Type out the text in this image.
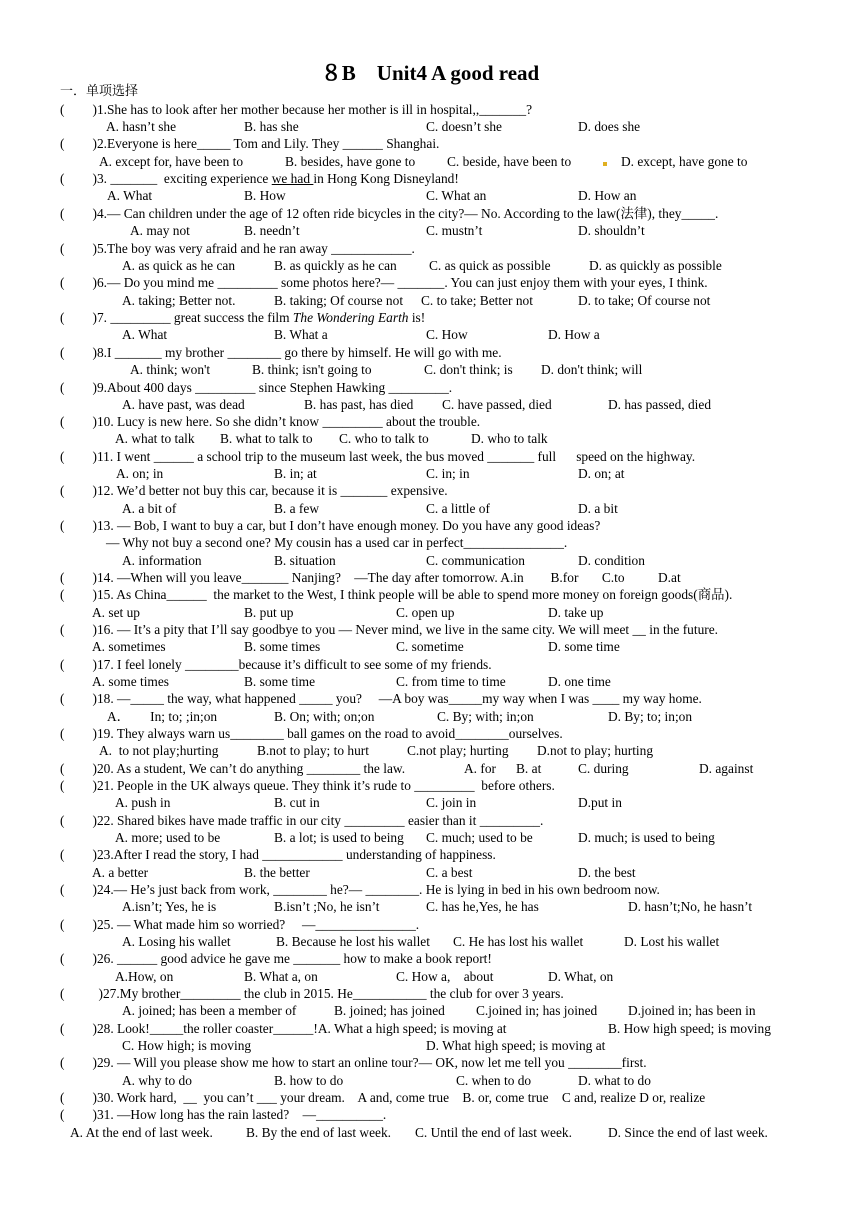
８B　Unit4 A good read
一．单项选择
( )1.She has to look after her mother because her mother is ill in hospital,,_______?
A. hasn’t she	B. has she	C. doesn’t she	D. does she
( )2.Everyone is here_____ Tom and Lily. They ______ Shanghai.
A. except for, have been to	B. besides, have gone to C. beside, have been to	D. except, have gone to
( )3. _______  exciting experience we had in Hong Kong Disneyland!
A. What	B. How	C. What an	D. How an
( )4.— Can children under the age of 12 often ride bicycles in the city?— No. According to the law(法律), they_____.
A. may not	B. needn’t	C. mustn’t	D. shouldn’t
( )5.The boy was very afraid and he ran away ____________.
A. as quick as he can	B. as quickly as he can C. as quick as possible	D. as quickly as possible
( )6.— Do you mind me _________ some photos here?— _______. You can just enjoy them with your eyes, I think.
A. taking; Better not.	B. taking; Of course not C. to take; Better not	D. to take; Of course not
( )7. _________ great success the film The Wondering Earth is!
A. What	B. What a	C. How	D. How a
( )8.I _______ my brother ________ go there by himself. He will go with me.
A. think; won't	B. think; isn't going to	C. don't think; is D. don't think; will
( )9.About 400 days _________ since Stephen Hawking _________.
A. have past, was dead	B. has past, has died C. have passed, died	D. has passed, died
( )10. Lucy is new here. So she didn’t know _________ about the trouble.
A. what to talk B. what to talk to C. who to talk to	D. who to talk
( )11. I went ______ a school trip to the museum last week, the bus moved _______ full      speed on the highway.
A. on; in	B. in; at	C. in; in	D. on; at
( )12. We’d better not buy this car, because it is _______ expensive.
A. a bit of	B. a few	C. a little of	D. a bit
( )13. — Bob, I want to buy a car, but I don’t have enough money. Do you have any good ideas?
— Why not buy a second one? My cousin has a used car in perfect_______________.
A. information	B. situation	C. communication	D. condition
( )14. —When will you leave_______ Nanjing?    —The day after tomorrow. A.in        B.for       C.to          D.at
( )15. As China______  the market to the West, I think people will be able to spend more money on foreign goods(商品).
A. set up	B. put up	C. open up	D. take up
( )16. — It’s a pity that I’ll say goodbye to you — Never mind, we live in the same city. We will meet __ in the future.
A. sometimes	B. some times	C. sometime	D. some time
( )17. I feel lonely ________because it’s difficult to see some of my friends.
A. some times	B. some time	C. from time to time	D. one time
( )18. —_____ the way, what happened _____ you?     —A boy was_____my way when I was ____ my way home.
A．      In; to; ;in;on	B. On; with; on;on	C. By; with; in;on	D. By; to; in;on
( )19. They always warn us________ ball games on the road to avoid________ourselves.
A.  to not play;hurting	B.not to play; to hurt	C.not play; hurting D.not to play; hurting
( )20. As a student, We can’t do anything ________ the law.	A. for B. at	C. during	D. against
( )21. People in the UK always queue. They think it’s rude to _________  before others.
A. push in	B. cut in	C. join in	D.put in
( )22. Shared bikes have made traffic in our city _________ easier than it _________.
A. more; used to be	B. a lot; is used to being C. much; used to be	D. much; is used to being
( )23.After I read the story, I had ____________ understanding of happiness.
A. a better	B. the better	C. a best	D. the best
( )24.— He’s just back from work, ________ he?— ________. He is lying in bed in his own bedroom now.
A.isn’t; Yes, he is	B.isn’t ;No, he isn’t	C. has he,Yes, he has	D. hasn’t;No, he hasn’t
( )25. — What made him so worried?     —_______________.
A. Losing his wallet	B. Because he lost his wallet C. He has lost his wallet	D. Lost his wallet
( )26. ______ good advice he gave me _______ how to make a book report!
A.How, on	B. What a, on	C. How a,    about	D. What, on
(	)27.My brother_________ the club in 2015. He___________ the club for over 3 years.
A. joined; has been a member of	B. joined; has joined C.joined in; has joined D.joined in; has been in
( )28. Look!_____the roller coaster______!A. What a high speed; is moving at	B. How high speed; is moving
C. How high; is moving	D. What high speed; is moving at
( )29. — Will you please show me how to start an online tour?— OK, now let me tell you ________first.
A. why to do	B. how to do	C. when to do	D. what to do
( )30. Work hard,  __  you can’t ___ your dream.    A and, come true    B. or, come true    C and, realize D or, realize
( )31. —How long has the rain lasted?    —__________.
A. At the end of last week. B. By the end of last week. C. Until the end of last week.	D. Since the end of last week.
